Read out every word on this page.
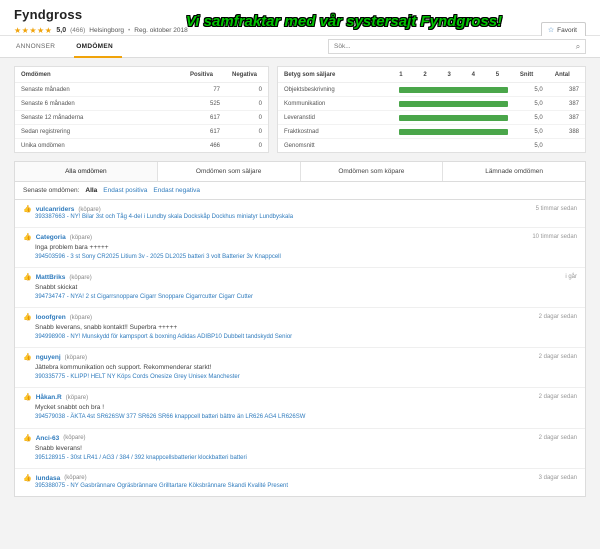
Fyndgross
★★★★★ 5,0 (466) Helsingborg • Reg. oktober 2018	☆ Favorit
Vi samfraktar med vår systersajt Fyndgross!
ANNONSER	OMDÖMEN
Sök...	⌕
Omdömen	Positiva	Negativa
Senaste månaden	77	0
Senaste 6 månaden	525	0
Senaste 12 månaderna	617	0
Sedan registrering	617	0
Unika omdömen	466	0
Betyg som säljare	1	2	3	4	5	Snitt	Antal
Objektsbeskrivning						5,0	387
Kommunikation						5,0	387
Leveranstid						5,0	387
Fraktkostnad						5,0	388
Genomsnitt						5,0	
Alla omdömen	Omdömen som säljare	Omdömen som köpare	Lämnade omdömen
Senaste omdömen: Alla Endast positiva Endast negativa
👍 vulcanriders (köpare)	5 timmar sedan
393387663 - NY! Bilar 3st och Tåg 4-del i Lundby skala Dockskåp Dockhus miniatyr Lundbyskala
👍 Categoria (köpare)	10 timmar sedan
Inga problem bara +++++
394503596 - 3 st Sony CR2025 Litium 3v - 2025 DL2025 batteri 3 volt Batterier 3v Knappcell
👍 MattBriks (köpare)	i går
Snabbt skickat
394734747 - NYA! 2 st Cigarrsnoppare Cigarr Snoppare Cigarrcutter Cigarr Cutter
👍 looofgren (köpare)	2 dagar sedan
Snabb leverans, snabb kontakt!! Superbra +++++
394998908 - NY! Munskydd för kampsport & boxning Adidas ADIBP10 Dubbelt tandskydd Senior
👍 nguyenj (köpare)	2 dagar sedan
Jättebra kommunikation och support. Rekommenderar starkt!
390335775 - KLIPP! HELT NY Köps Cords Onesize Grey Unisex Manchester
👍 Håkan.R (köpare)	2 dagar sedan
Mycket snabbt och bra !
394579038 - ÄKTA 4st SR626SW 377 SR626 SR66 knappcell batteri bättre än LR626 AG4 LR626SW
👍 Anci-63 (köpare)	2 dagar sedan
Snabb leverans!
395128915 - 30st LR41 / AG3 / 384 / 392 knappcellsbatterier klockbatteri batteri
👍 lundasa (köpare)	3 dagar sedan
395388075 - NY Gasbrännare Ogräsbrännare Grilltartare Köksbrännare Skandi Kvalité Present
